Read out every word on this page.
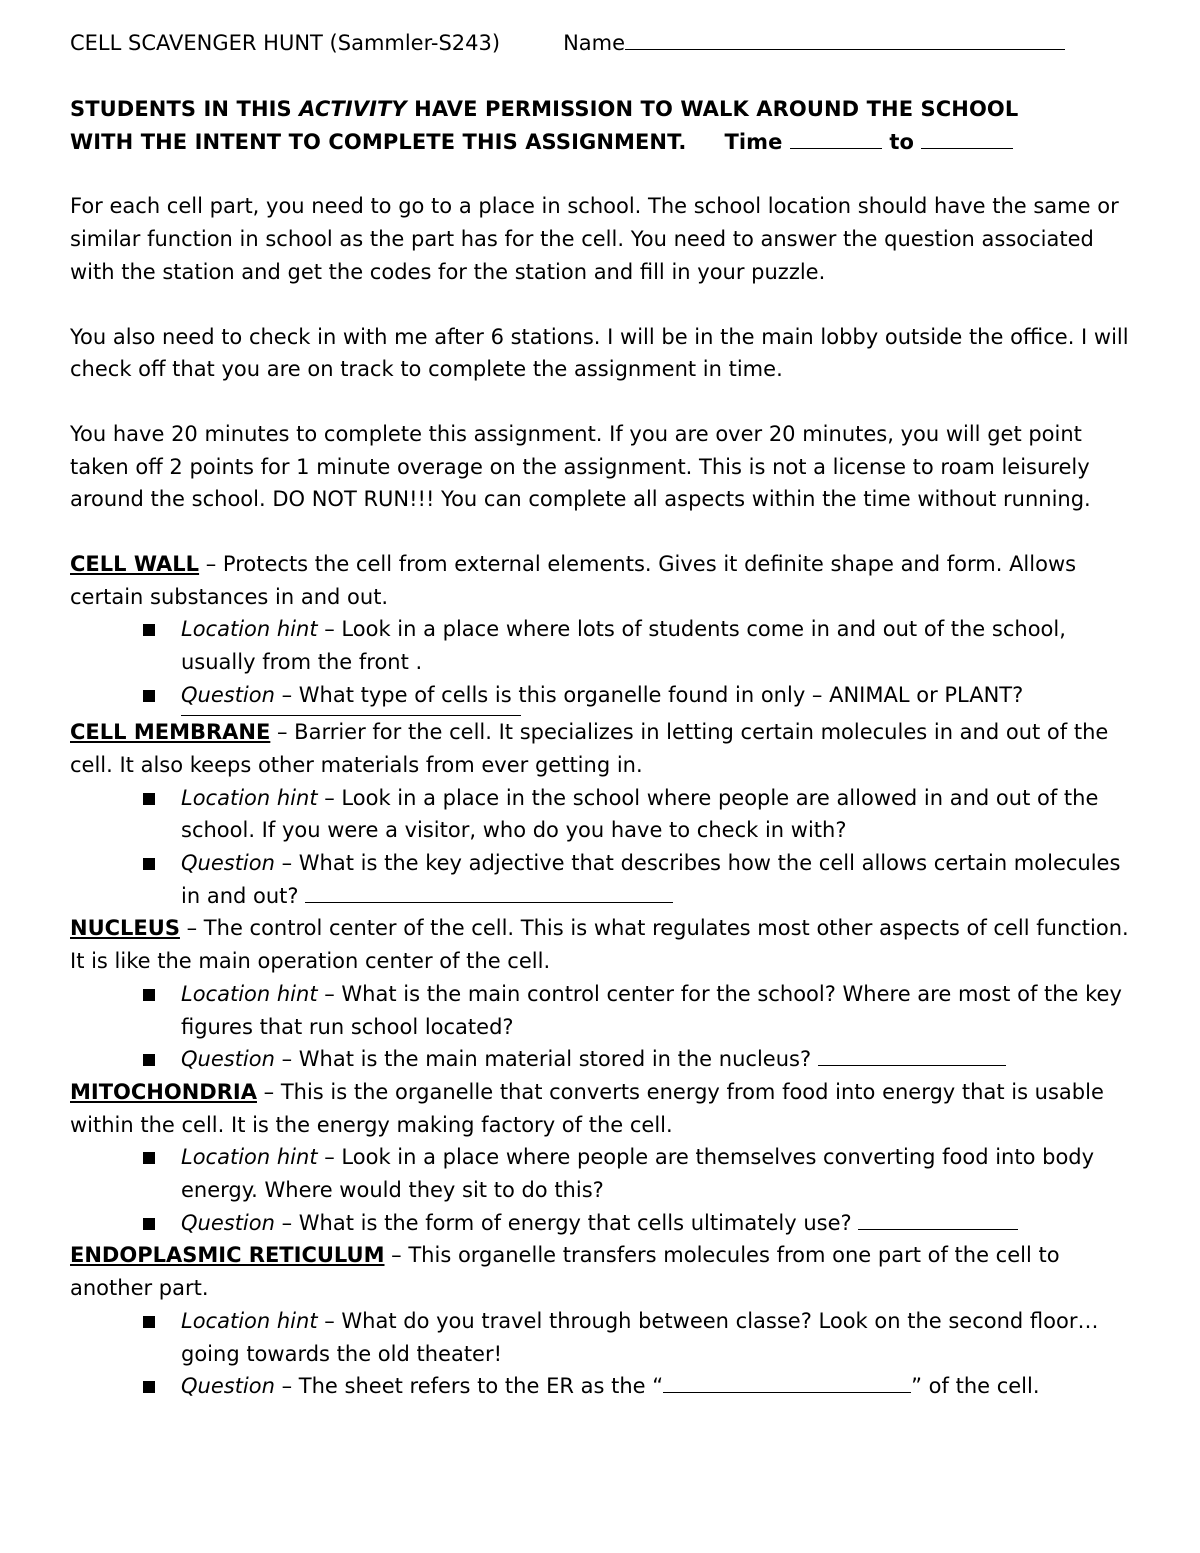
CELL SCAVENGER HUNT (Sammler-S243)	Name
STUDENTS IN THIS ACTIVITY HAVE PERMISSION TO WALK AROUND THE SCHOOL
WITH THE INTENT TO COMPLETE THIS ASSIGNMENT. Time	to

For each cell part, you need to go to a place in school. The school location should have the same or similar function in school as the part has for the cell. You need to answer the question associated with the station and get the codes for the station and fill in your puzzle.

You also need to check in with me after 6 stations. I will be in the main lobby outside the office. I will check off that you are on track to complete the assignment in time.

You have 20 minutes to complete this assignment. If you are over 20 minutes, you will get point taken off 2 points for 1 minute overage on the assignment. This is not a license to roam leisurely around the school. DO NOT RUN!!! You can complete all aspects within the time without running.

CELL WALL – Protects the cell from external elements. Gives it definite shape and form. Allows certain substances in and out.

Location hint – Look in a place where lots of students come in and out of the school, usually from the front .
Question – What type of cells is this organelle found in only – ANIMAL or PLANT?

CELL MEMBRANE – Barrier for the cell. It specializes in letting certain molecules in and out of the cell. It also keeps other materials from ever getting in.

Location hint – Look in a place in the school where people are allowed in and out of the school. If you were a visitor, who do you have to check in with?
Question – What is the key adjective that describes how the cell allows certain molecules in and out?

NUCLEUS – The control center of the cell. This is what regulates most other aspects of cell function. It is like the main operation center of the cell.

Location hint – What is the main control center for the school? Where are most of the key figures that run school located?
Question – What is the main material stored in the nucleus?

MITOCHONDRIA – This is the organelle that converts energy from food into energy that is usable within the cell. It is the energy making factory of the cell.

Location hint – Look in a place where people are themselves converting food into body energy. Where would they sit to do this?
Question – What is the form of energy that cells ultimately use?

ENDOPLASMIC RETICULUM – This organelle transfers molecules from one part of the cell to another part.

Location hint – What do you travel through between classe? Look on the second floor…going towards the old theater!
Question – The sheet refers to the ER as the “	” of the cell.
